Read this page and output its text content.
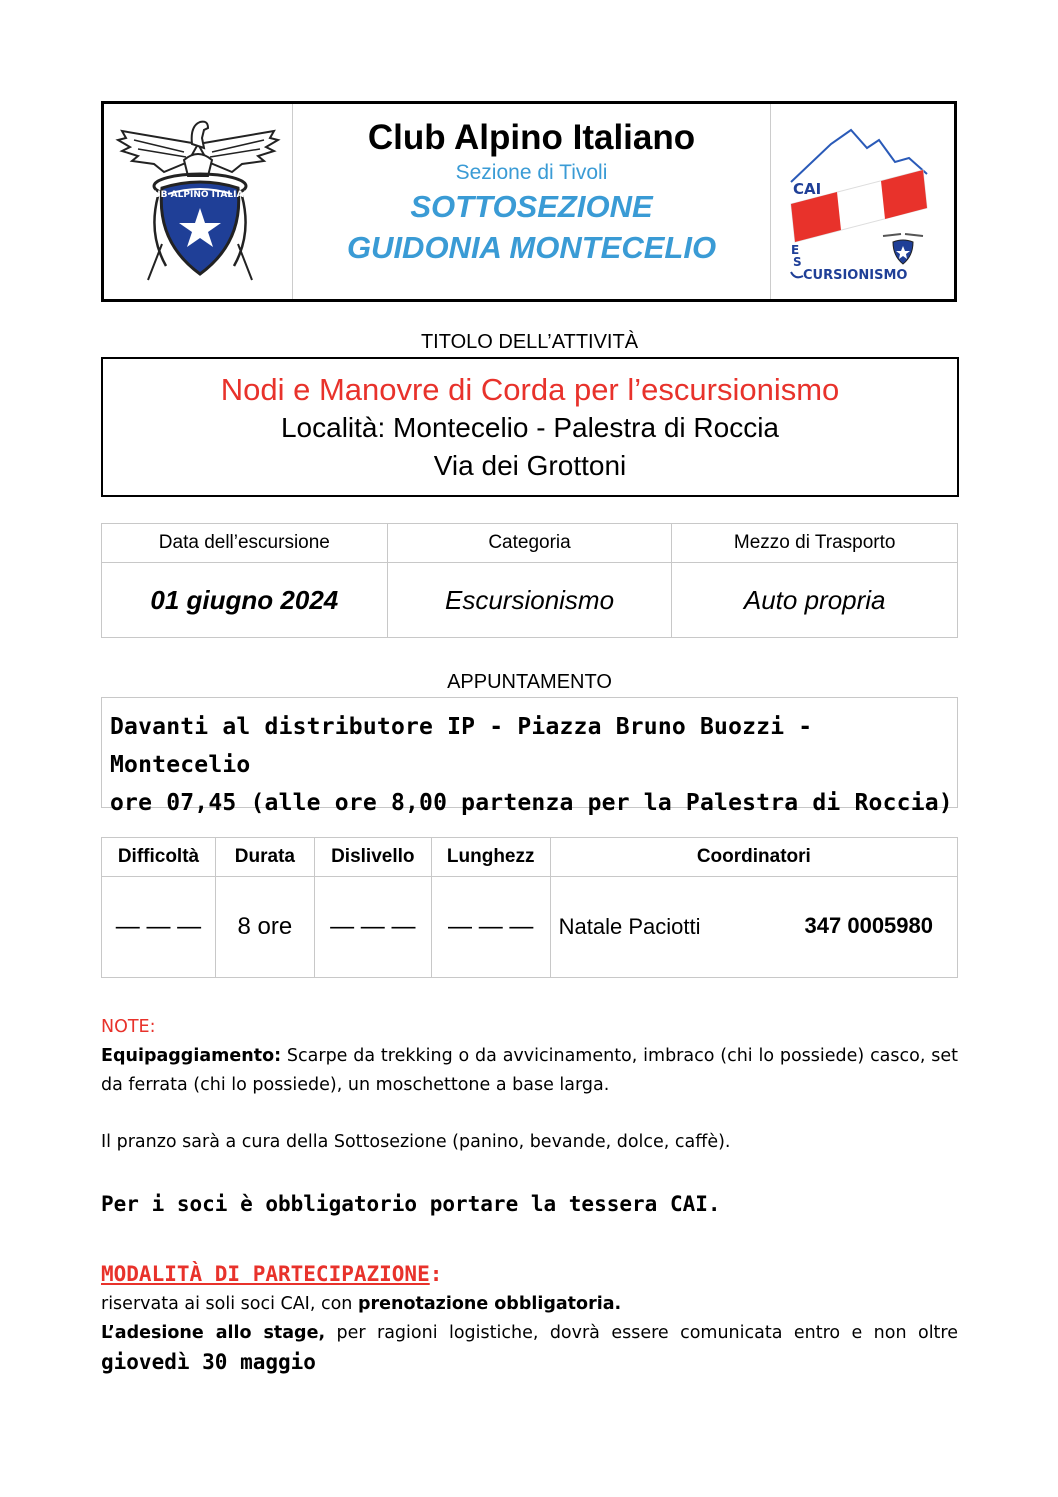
CLUB ALPINO ITALIANO
Club Alpino Italiano
Sezione di Tivoli
SOTTOSEZIONE
GUIDONIA MONTECELIO
CAI
E
S
CURSIONISMO
TITOLO DELL’ATTIVITÀ
Nodi e Manovre di Corda per l’escursionismo
Località: Montecelio - Palestra di Roccia
Via dei Grottoni
Data dell’escursione	Categoria	Mezzo di Trasporto
01 giugno 2024	Escursionismo	Auto propria
APPUNTAMENTO
Davanti al distributore IP - Piazza Bruno Buozzi - Montecelio
ore 07,45 (alle ore 8,00 partenza per la Palestra di Roccia)
Difficoltà	Durata	Dislivello	Lunghezz	Coordinatori
— — —	8 ore	— — —	— — —	Natale Paciotti 347 0005980
NOTE:
Equipaggiamento: Scarpe da trekking o da avvicinamento, imbraco (chi lo possiede) casco, set da ferrata (chi lo possiede), un moschettone a base larga.
Il pranzo sarà a cura della Sottosezione (panino, bevande, dolce, caffè).
Per i soci è obbligatorio portare la tessera CAI.
MODALITÀ DI PARTECIPAZIONE:
riservata ai soli soci CAI, con prenotazione obbligatoria.
L’adesione allo stage, per ragioni logistiche, dovrà essere comunicata entro e non oltre giovedì 30 maggio
